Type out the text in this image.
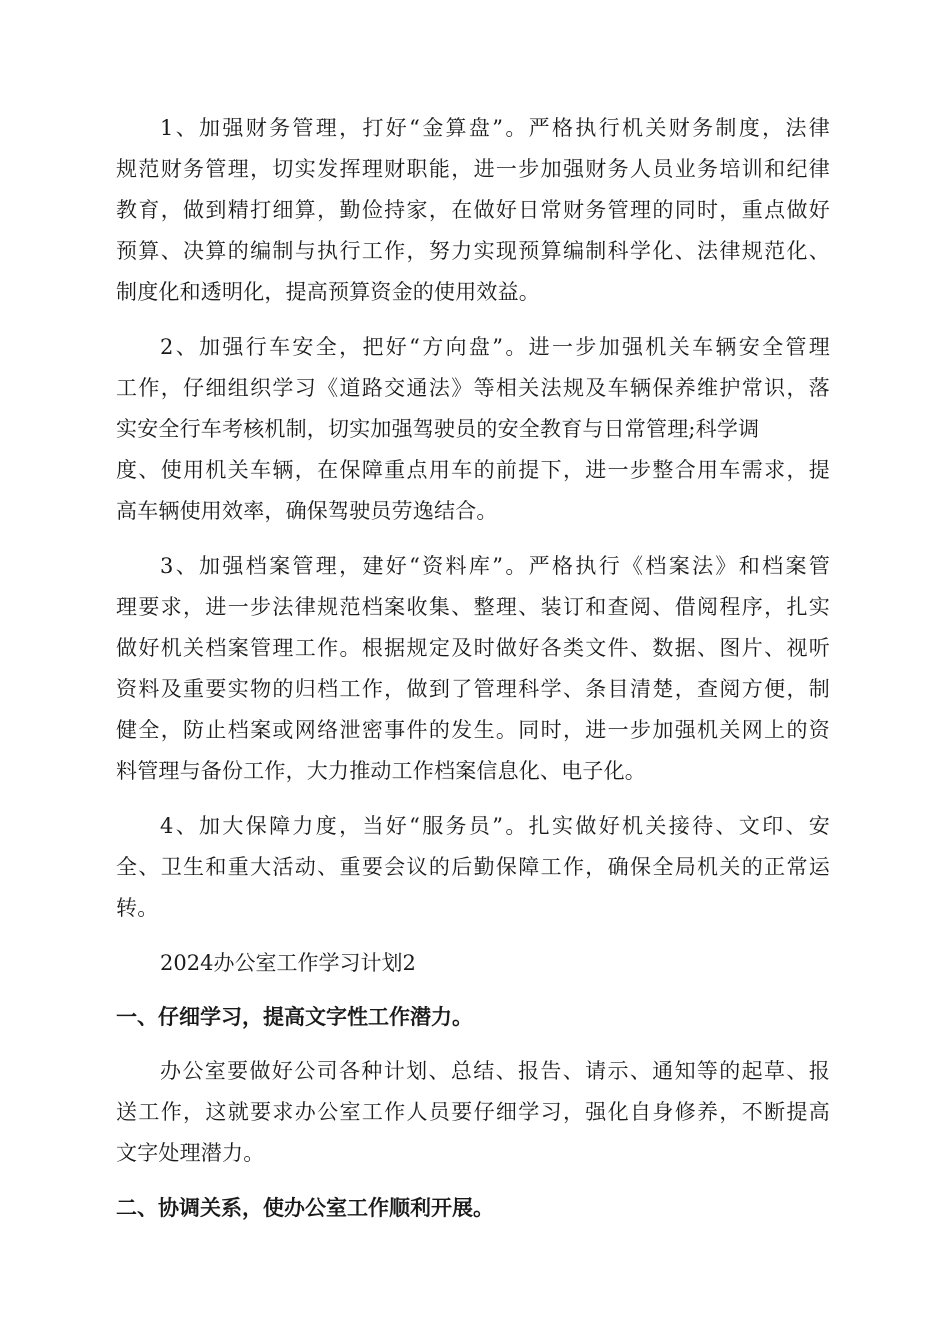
1、加强财务管理，打好“金算盘”。严格执行机关财务制度，法律
规范财务管理，切实发挥理财职能，进一步加强财务人员业务培训和纪律
教育，做到精打细算，勤俭持家，在做好日常财务管理的同时，重点做好
预算、决算的编制与执行工作，努力实现预算编制科学化、法律规范化、
制度化和透明化，提高预算资金的使用效益。
2、加强行车安全，把好“方向盘”。进一步加强机关车辆安全管理
工作，仔细组织学习《道路交通法》等相关法规及车辆保养维护常识，落
实安全行车考核机制，切实加强驾驶员的安全教育与日常管理;科学调
度、使用机关车辆，在保障重点用车的前提下，进一步整合用车需求，提
高车辆使用效率，确保驾驶员劳逸结合。
3、加强档案管理，建好“资料库”。严格执行《档案法》和档案管
理要求，进一步法律规范档案收集、整理、装订和查阅、借阅程序，扎实
做好机关档案管理工作。根据规定及时做好各类文件、数据、图片、视听
资料及重要实物的归档工作，做到了管理科学、条目清楚，查阅方便，制
健全，防止档案或网络泄密事件的发生。同时，进一步加强机关网上的资
料管理与备份工作，大力推动工作档案信息化、电子化。
4、加大保障力度，当好“服务员”。扎实做好机关接待、文印、安
全、卫生和重大活动、重要会议的后勤保障工作，确保全局机关的正常运
转。
2024办公室工作学习计划2
一、仔细学习，提高文字性工作潜力。
办公室要做好公司各种计划、总结、报告、请示、通知等的起草、报
送工作，这就要求办公室工作人员要仔细学习，强化自身修养，不断提高
文字处理潜力。
二、协调关系，使办公室工作顺利开展。
